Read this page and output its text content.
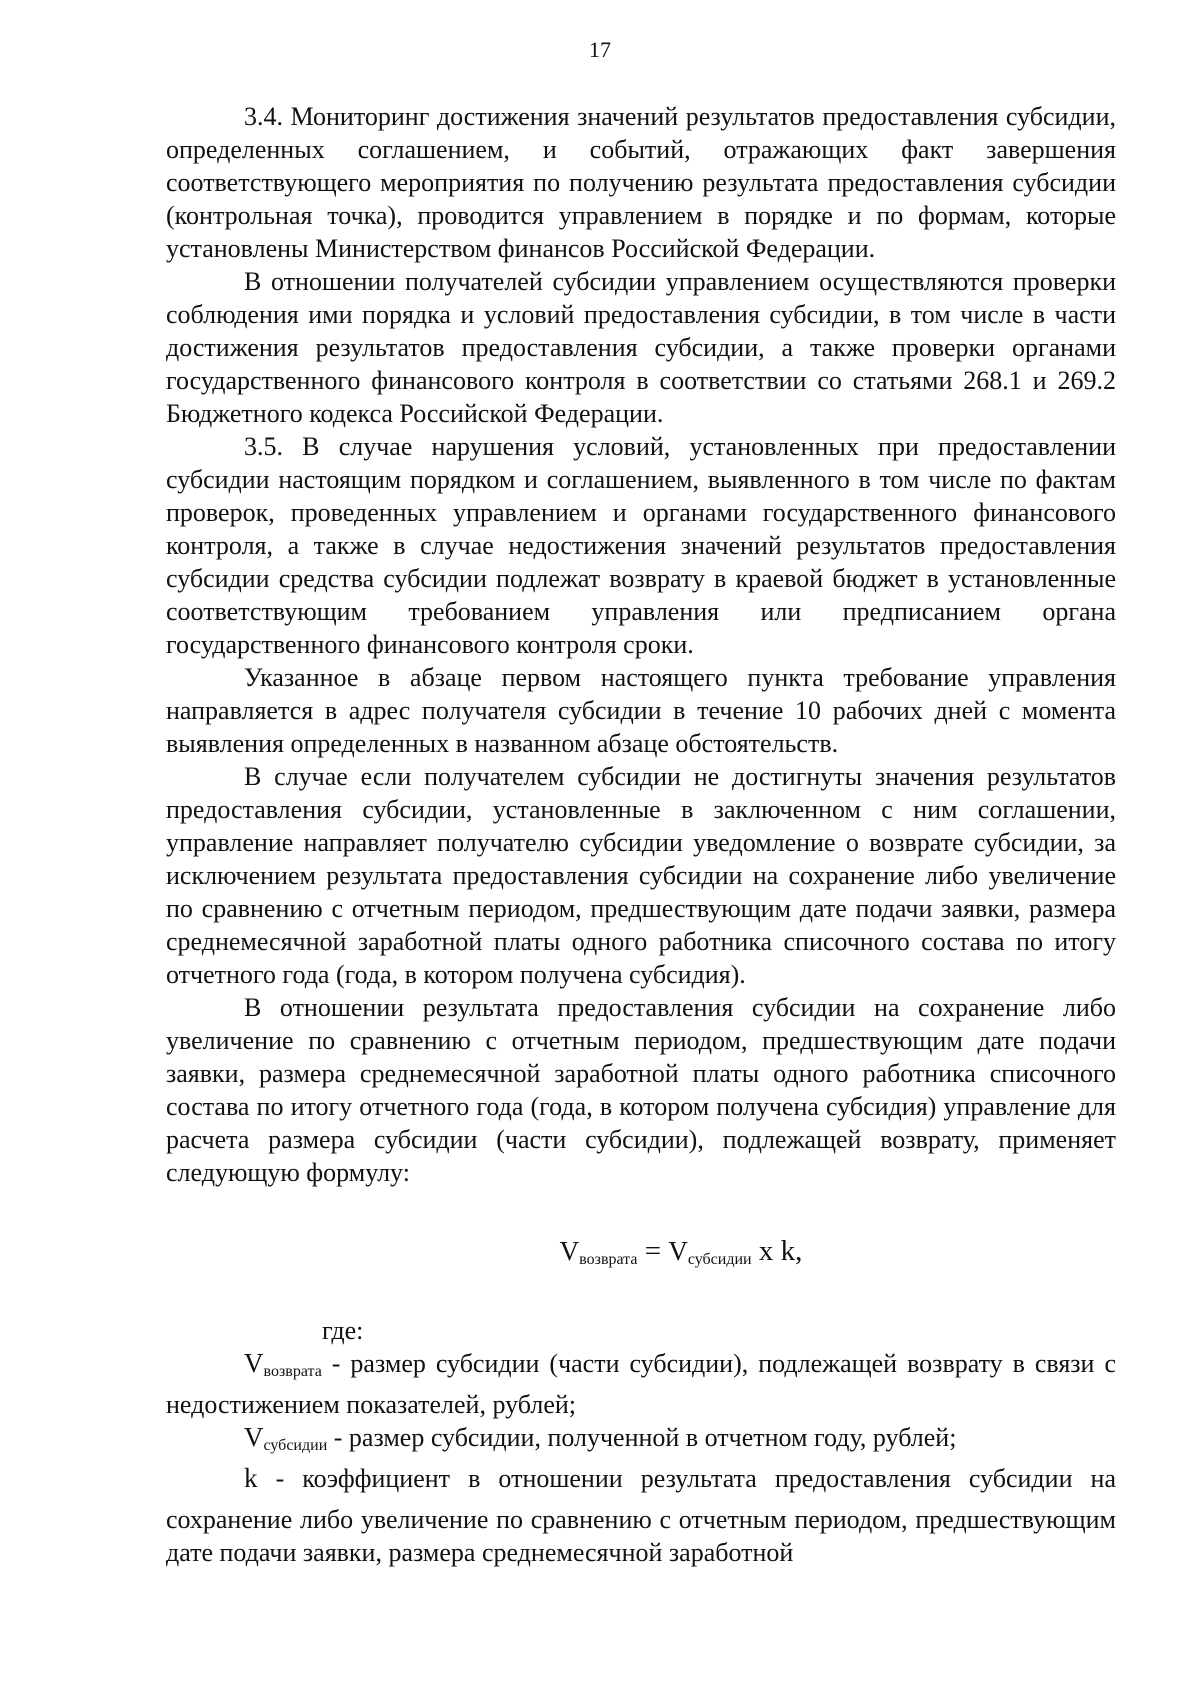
17

3.4. Мониторинг достижения значений результатов предоставления субсидии, определенных соглашением, и событий, отражающих факт завершения соответствующего мероприятия по получению результата предоставления субсидии (контрольная точка), проводится управлением в порядке и по формам, которые установлены Министерством финансов Российской Федерации.

В отношении получателей субсидии управлением осуществляются проверки соблюдения ими порядка и условий предоставления субсидии, в том числе в части достижения результатов предоставления субсидии, а также проверки органами государственного финансового контроля в соответствии со статьями 268.1 и 269.2 Бюджетного кодекса Российской Федерации.

3.5. В случае нарушения условий, установленных при предоставлении субсидии настоящим порядком и соглашением, выявленного в том числе по фактам проверок, проведенных управлением и органами государственного финансового контроля, а также в случае недостижения значений результатов предоставления субсидии средства субсидии подлежат возврату в краевой бюджет в установленные соответствующим требованием управления или предписанием органа государственного финансового контроля сроки.

Указанное в абзаце первом настоящего пункта требование управления направляется в адрес получателя субсидии в течение 10 рабочих дней с момента выявления определенных в названном абзаце обстоятельств.

В случае если получателем субсидии не достигнуты значения результатов предоставления субсидии, установленные в заключенном с ним соглашении, управление направляет получателю субсидии уведомление о возврате субсидии, за исключением результата предоставления субсидии на сохранение либо увеличение по сравнению с отчетным периодом, предшествующим дате подачи заявки, размера среднемесячной заработной платы одного работника списочного состава по итогу отчетного года (года, в котором получена субсидия).

В отношении результата предоставления субсидии на сохранение либо увеличение по сравнению с отчетным периодом, предшествующим дате подачи заявки, размера среднемесячной заработной платы одного работника списочного состава по итогу отчетного года (года, в котором получена субсидия) управление для расчета размера субсидии (части субсидии), подлежащей возврату, применяет следующую формулу:

$V_{возврата} = V_{субсидии}$ x k,

где:

$V_{возврата}$ - размер субсидии (части субсидии), подлежащей возврату в связи с недостижением показателей, рублей;

$V_{субсидии}$ - размер субсидии, полученной в отчетном году, рублей;

k - коэффициент в отношении результата предоставления субсидии на сохранение либо увеличение по сравнению с отчетным периодом, предшествующим дате подачи заявки, размера среднемесячной заработной
